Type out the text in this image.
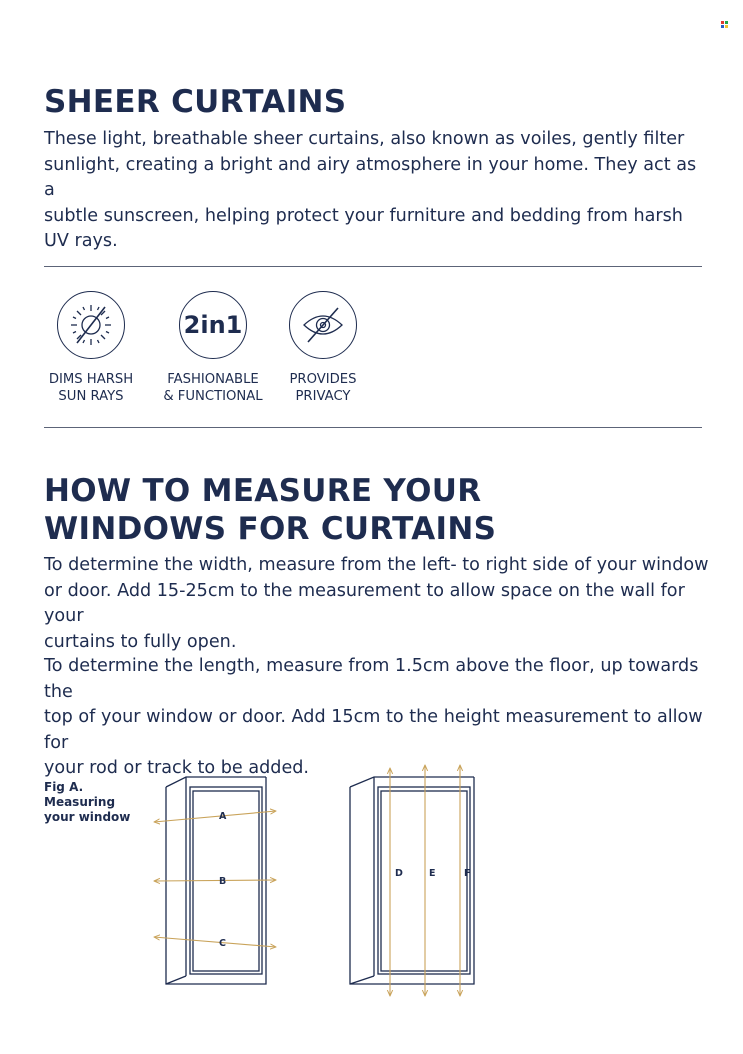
SHEER CURTAINS

These light, breathable sheer curtains, also known as voiles, gently filter
sunlight, creating a bright and airy atmosphere in your home. They act as a
subtle sunscreen, helping protect your furniture and bedding from harsh
UV rays.

DIMS HARSH
SUN RAYS
2in1
FASHIONABLE
& FUNCTIONAL
PROVIDES
PRIVACY
HOW TO MEASURE YOUR
WINDOWS FOR CURTAINS

To determine the width, measure from the left- to right side of your window
or door. Add 15-25cm to the measurement to allow space on the wall for your
curtains to fully open.

To determine the length, measure from 1.5cm above the floor, up towards the
top of your window or door. Add 15cm to the height measurement to allow for
your rod or track to be added.

Fig A.
Measuring
your window	A
B
C
D	E	F
